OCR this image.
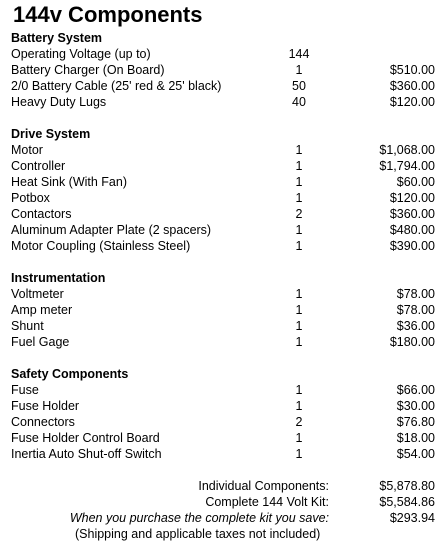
144v Components
Battery System
Operating Voltage (up to)	144
Battery Charger (On Board)	1	$510.00
2/0 Battery Cable (25' red & 25' black)	50	$360.00
Heavy Duty Lugs	40	$120.00
Drive System
Motor	1	$1,068.00
Controller	1	$1,794.00
Heat Sink (With Fan)	1	$60.00
Potbox	1	$120.00
Contactors	2	$360.00
Aluminum Adapter Plate (2 spacers)	1	$480.00
Motor Coupling (Stainless Steel)	1	$390.00
Instrumentation
Voltmeter	1	$78.00
Amp meter	1	$78.00
Shunt	1	$36.00
Fuel Gage	1	$180.00
Safety Components
Fuse	1	$66.00
Fuse Holder	1	$30.00
Connectors	2	$76.80
Fuse Holder Control Board	1	$18.00
Inertia Auto Shut-off Switch	1	$54.00
Individual Components:	$5,878.80
Complete 144 Volt Kit:	$5,584.86
When you purchase the complete kit you save:	$293.94
(Shipping and applicable taxes not included)
